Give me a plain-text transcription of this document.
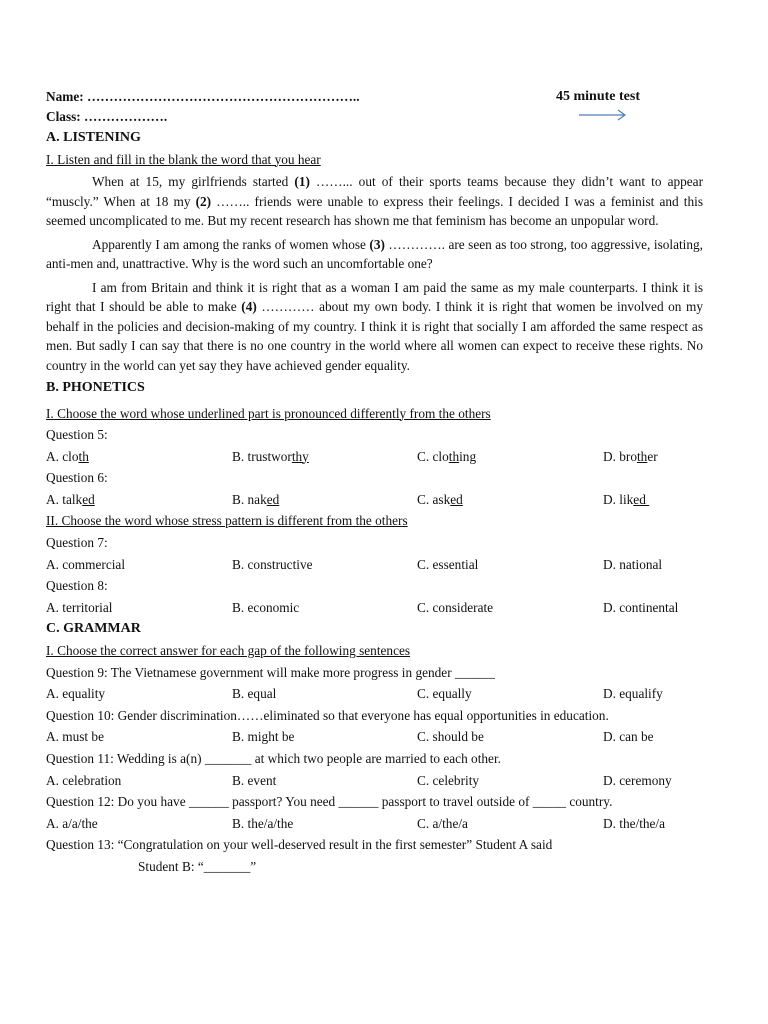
Name: ……………………………………………………..	45 minute test
Class: ……………….
A. LISTENING
I. Listen and fill in the blank the word that you hear

When at 15, my girlfriends started (1) ……... out of their sports teams because they didn’t want to appear “muscly.” When at 18 my (2) …….. friends were unable to express their feelings. I decided I was a feminist and this seemed uncomplicated to me. But my recent research has shown me that feminism has become an unpopular word.

Apparently I am among the ranks of women whose (3) …………. are seen as too strong, too aggressive, isolating, anti-men and, unattractive. Why is the word such an uncomfortable one?

I am from Britain and think it is right that as a woman I am paid the same as my male counterparts. I think it is right that I should be able to make (4) ………… about my own body. I think it is right that women be involved on my behalf in the policies and decision-making of my country. I think it is right that socially I am afforded the same respect as men. But sadly I can say that there is no one country in the world where all women can expect to receive these rights. No country in the world can yet say they have achieved gender equality.

B. PHONETICS
I. Choose the word whose underlined part is pronounced differently from the others
Question 5:
A. cloth	B. trustworthy	C. clothing	D. brother
Question 6:
A. talked	B. naked	C. asked	D. liked
II. Choose the word whose stress pattern is different from the others
Question 7:
A. commercial	B. constructive	C. essential	D. national
Question 8:
A. territorial	B. economic	C. considerate	D. continental
C. GRAMMAR
I. Choose the correct answer for each gap of the following sentences
Question 9: The Vietnamese government will make more progress in gender ______
A. equality	B. equal	C. equally	D. equalify
Question 10: Gender discrimination……eliminated so that everyone has equal opportunities in education.
A. must be	B. might be	C. should be	D. can be
Question 11: Wedding is a(n) _______ at which two people are married to each other.
A. celebration	B. event	C. celebrity	D. ceremony
Question 12: Do you have ______ passport? You need ______ passport to travel outside of _____ country.
A. a/a/the	B. the/a/the	C. a/the/a	D. the/the/a
Question 13: “Congratulation on your well-deserved result in the first semester” Student A said
Student B: “_______”
